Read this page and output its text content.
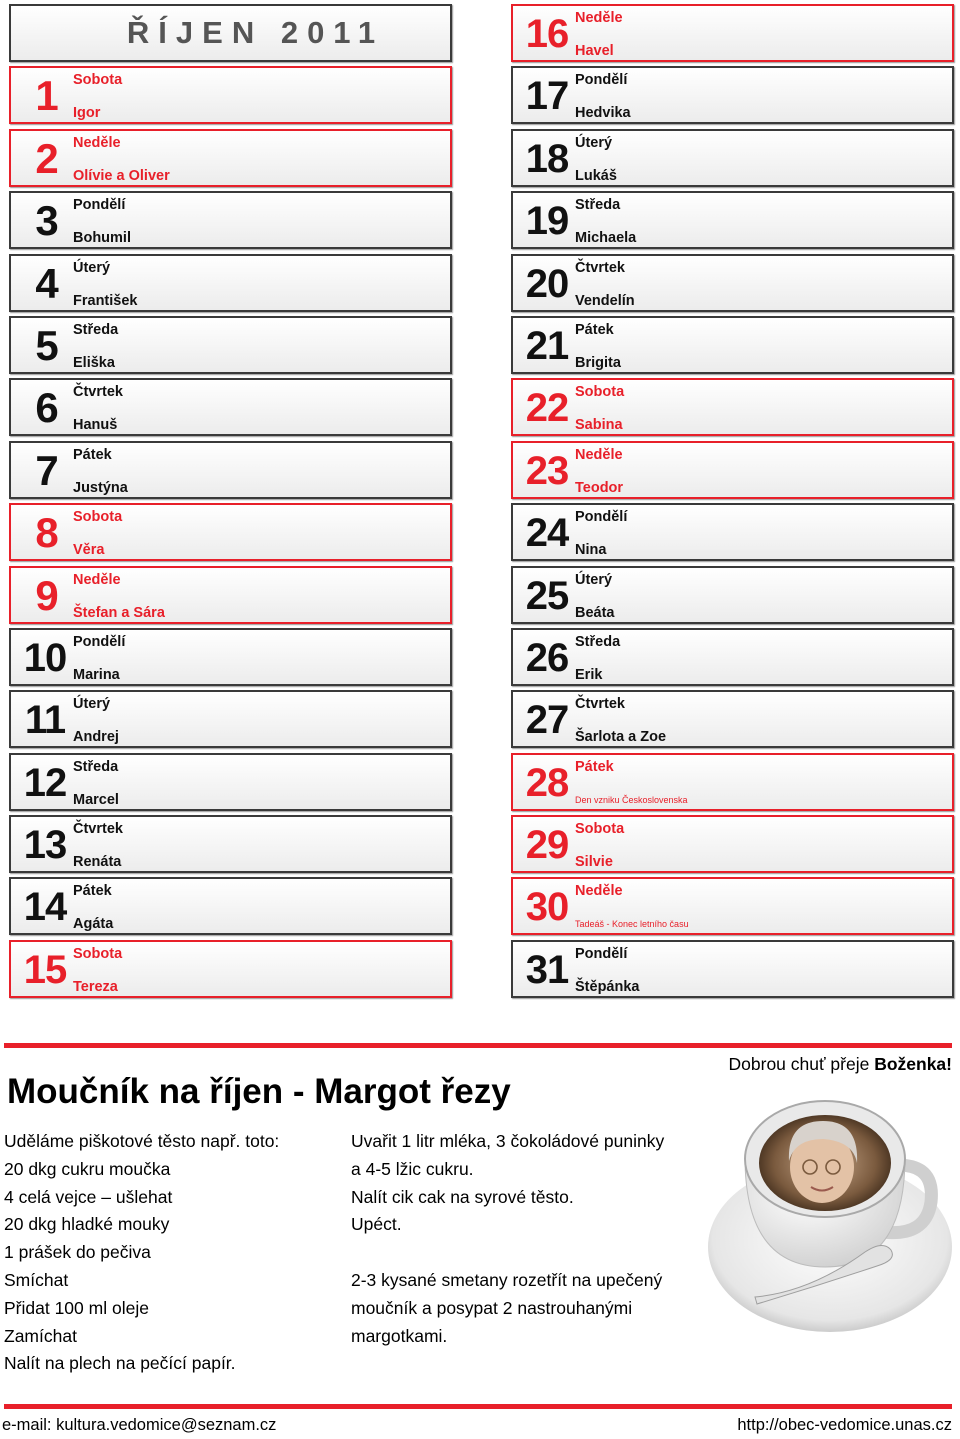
ŘÍJEN 2011
1 Sobota
Igor
2 Neděle
Olívie a Oliver
3 Pondělí
Bohumil
4 Úterý
František
5 Středa
Eliška
6 Čtvrtek
Hanuš
7 Pátek
Justýna
8 Sobota
Věra
9 Neděle
Štefan a Sára
10 Pondělí
Marina
11 Úterý
Andrej
12 Středa
Marcel
13 Čtvrtek
Renáta
14 Pátek
Agáta
15 Sobota
Tereza
16 Neděle
Havel
17 Pondělí
Hedvika
18 Úterý
Lukáš
19 Středa
Michaela
20 Čtvrtek
Vendelín
21 Pátek
Brigita
22 Sobota
Sabina
23 Neděle
Teodor
24 Pondělí
Nina
25 Úterý
Beáta
26 Středa
Erik
27 Čtvrtek
Šarlota a Zoe
28 Pátek
Den vzniku Československa
29 Sobota
Silvie
30 Neděle
Tadeáš - Konec letního času
31 Pondělí
Štěpánka
Dobrou chuť přeje Boženka!
Moučník na říjen - Margot řezy
Uděláme piškotové těsto např. toto:
20 dkg cukru moučka
4 celá vejce – ušlehat
20 dkg hladké mouky
1 prášek do pečiva
Smíchat
Přidat 100 ml oleje
Zamíchat
Nalít na plech na pečící papír.
Uvařit 1 litr mléka, 3 čokoládové puninky
a 4-5 lžic cukru.
Nalít cik cak na syrové těsto.
Upéct.
2-3 kysané smetany rozetřít na upečený
moučník a posypat 2 nastrouhanými
margotkami.
e-mail: kultura.vedomice@seznam.cz	http://obec-vedomice.unas.cz
